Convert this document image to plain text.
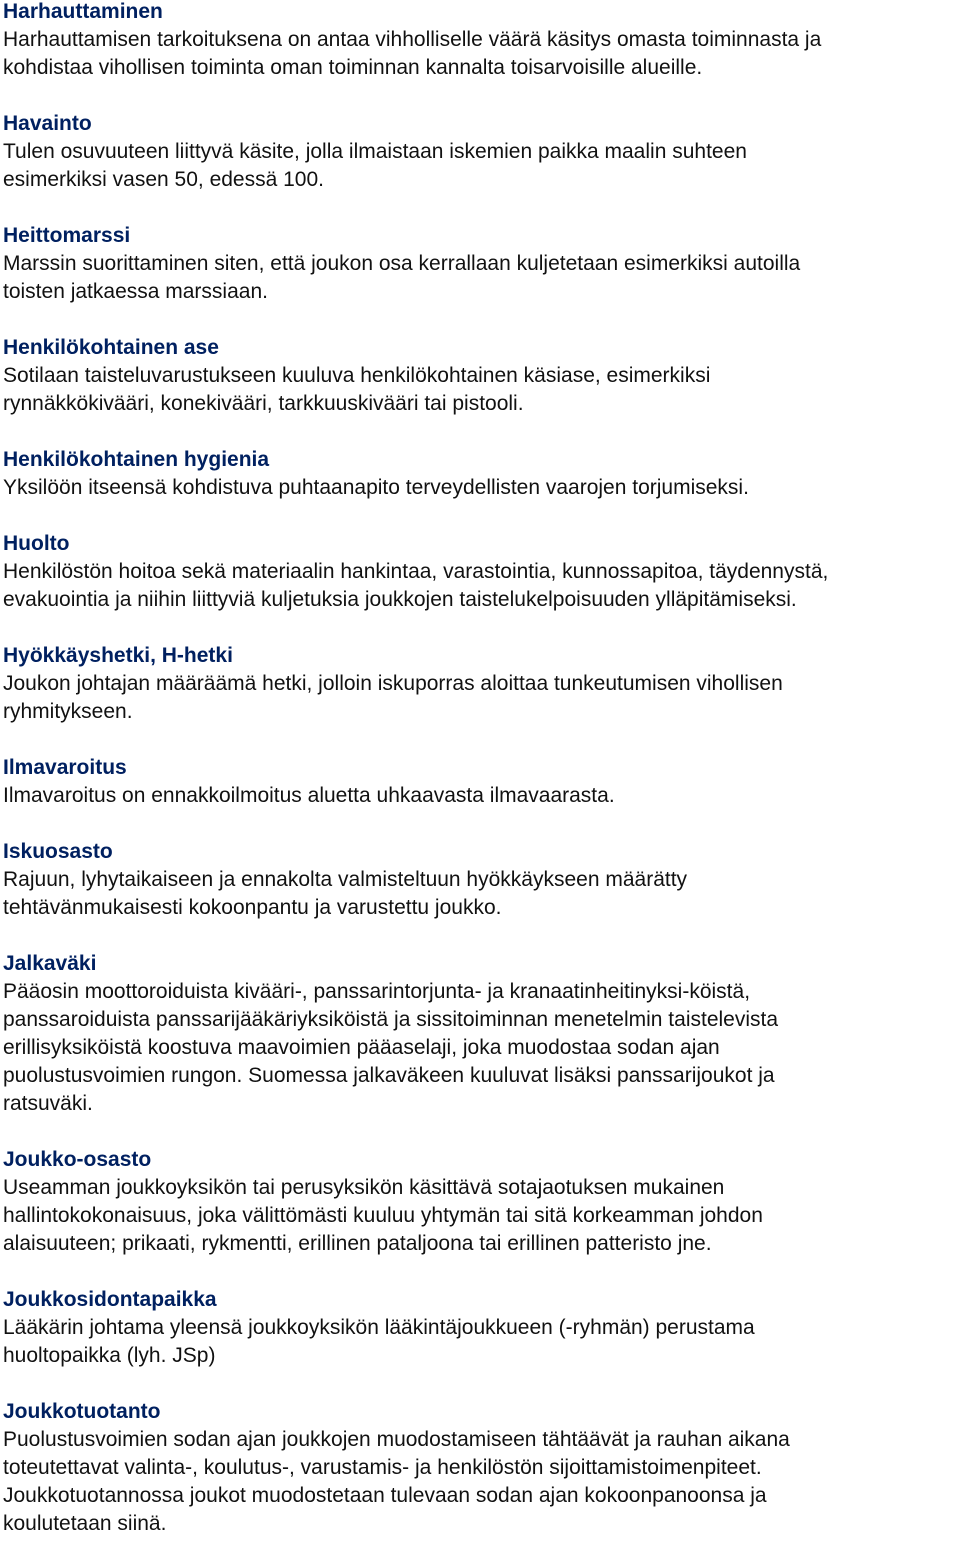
Harhauttaminen
Harhauttamisen tarkoituksena on antaa vihholliselle väärä käsitys omasta toiminnasta ja
kohdistaa vihollisen toiminta oman toiminnan kannalta toisarvoisille alueille.
Havainto
Tulen osuvuuteen liittyvä käsite, jolla ilmaistaan iskemien paikka maalin suhteen
esimerkiksi vasen 50, edessä 100.
Heittomarssi
Marssin suorittaminen siten, että joukon osa kerrallaan kuljetetaan esimerkiksi autoilla
toisten jatkaessa marssiaan.
Henkilökohtainen ase
Sotilaan taisteluvarustukseen kuuluva henkilökohtainen käsiase, esimerkiksi
rynnäkkökivääri, konekivääri, tarkkuuskivääri tai pistooli.
Henkilökohtainen hygienia
Yksilöön itseensä kohdistuva puhtaanapito terveydellisten vaarojen torjumiseksi.
Huolto
Henkilöstön hoitoa sekä materiaalin hankintaa, varastointia, kunnossapitoa, täydennystä,
evakuointia ja niihin liittyviä kuljetuksia joukkojen taistelukelpoisuuden ylläpitämiseksi.
Hyökkäyshetki, H-hetki
Joukon johtajan määräämä hetki, jolloin iskuporras aloittaa tunkeutumisen vihollisen
ryhmitykseen.
Ilmavaroitus
Ilmavaroitus on ennakkoilmoitus aluetta uhkaavasta ilmavaarasta.
Iskuosasto
Rajuun, lyhytaikaiseen ja ennakolta valmisteltuun hyökkäykseen määrätty
tehtävänmukaisesti kokoonpantu ja varustettu joukko.
Jalkaväki
Pääosin moottoroiduista kivääri-, panssarintorjunta- ja kranaatinheitinyksi-köistä,
panssaroiduista panssarijääkäriyksiköistä ja sissitoiminnan menetelmin taistelevista
erillisyksiköistä koostuva maavoimien pääaselaji, joka muodostaa sodan ajan
puolustusvoimien rungon. Suomessa jalkaväkeen kuuluvat lisäksi panssarijoukot ja
ratsuväki.
Joukko-osasto
Useamman joukkoyksikön tai perusyksikön käsittävä sotajaotuksen mukainen
hallintokokonaisuus, joka välittömästi kuuluu yhtymän tai sitä korkeamman johdon
alaisuuteen; prikaati, rykmentti, erillinen pataljoona tai erillinen patteristo jne.
Joukkosidontapaikka
Lääkärin johtama yleensä joukkoyksikön lääkintäjoukkueen (-ryhmän) perustama
huoltopaikka (lyh. JSp)
Joukkotuotanto
Puolustusvoimien sodan ajan joukkojen muodostamiseen tähtäävät ja rauhan aikana
toteutettavat valinta-, koulutus-, varustamis- ja henkilöstön sijoittamistoimenpiteet.
Joukkotuotannossa joukot muodostetaan tulevaan sodan ajan kokoonpanoonsa ja
koulutetaan siinä.
